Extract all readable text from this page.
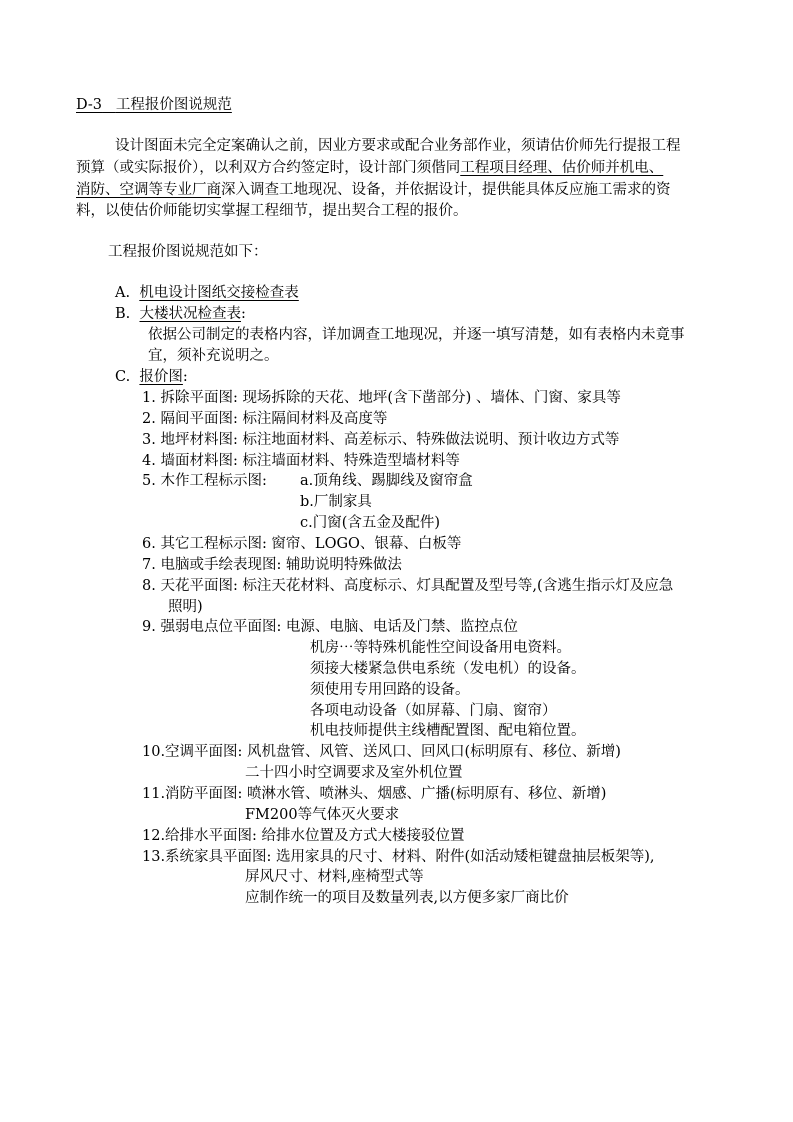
D-3 工程报价图说规范
设计图面未完全定案确认之前，因业方要求或配合业务部作业，须请估价师先行提报工程
预算（或实际报价），以利双方合约签定时，设计部门须偕同工程项目经理、估价师并机电、
消防、空调等专业厂商深入调查工地现况、设备，并依据设计，提供能具体反应施工需求的资
料，以使估价师能切实掌握工程细节，提出契合工程的报价。
工程报价图说规范如下：
A. 机电设计图纸交接检查表
B. 大楼状况检查表:
依据公司制定的表格内容，详加调查工地现况，并逐一填写清楚，如有表格内未竟事
宜，须补充说明之。
C. 报价图:
1. 拆除平面图: 现场拆除的天花、地坪(含下凿部分) 、墙体、门窗、家具等
2. 隔间平面图: 标注隔间材料及高度等
3. 地坪材料图: 标注地面材料、高差标示、特殊做法说明、预计收边方式等
4. 墙面材料图: 标注墙面材料、特殊造型墙材料等
5. 木作工程标示图: a.顶角线、踢脚线及窗帘盒
b.厂制家具
c.门窗(含五金及配件)
6. 其它工程标示图: 窗帘、LOGO、银幕、白板等
7. 电脑或手绘表现图: 辅助说明特殊做法
8. 天花平面图: 标注天花材料、高度标示、灯具配置及型号等,(含逃生指示灯及应急
照明)
9. 强弱电点位平面图: 电源、电脑、电话及门禁、监控点位
机房⋯等特殊机能性空间设备用电资料。
须接大楼紧急供电系统（发电机）的设备。
须使用专用回路的设备。
各项电动设备（如屏幕、门扇、窗帘）
机电技师提供主线槽配置图、配电箱位置。
10.空调平面图: 风机盘管、风管、送风口、回风口(标明原有、移位、新增)
二十四小时空调要求及室外机位置
11.消防平面图: 喷淋水管、喷淋头、烟感、广播(标明原有、移位、新增)
FM200等气体灭火要求
12.给排水平面图: 给排水位置及方式大楼接驳位置
13.系统家具平面图: 选用家具的尺寸、材料、附件(如活动矮柜键盘抽层板架等),
屏风尺寸、材料,座椅型式等
应制作统一的项目及数量列表,以方便多家厂商比价
